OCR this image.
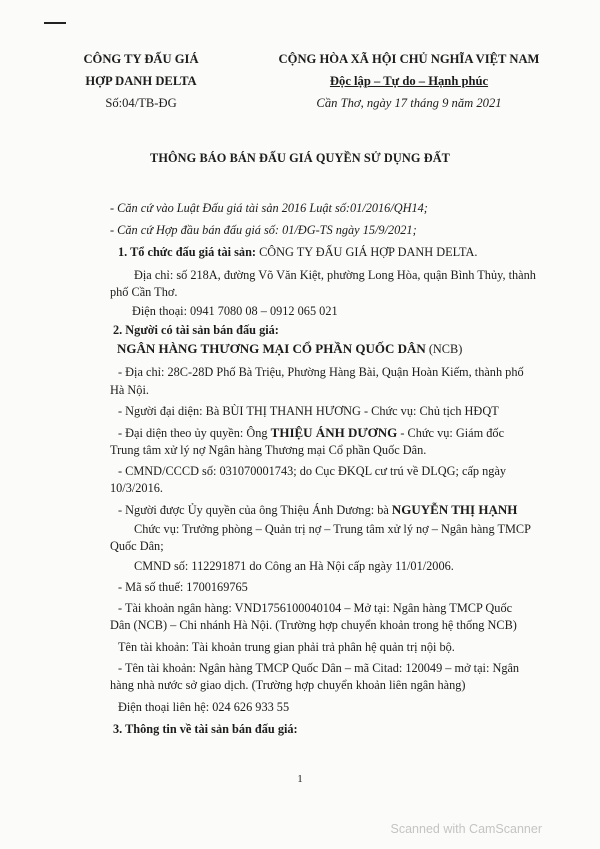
CÔNG TY ĐẤU GIÁ
HỢP DANH DELTA
Số:04/TB-ĐG
CỘNG HÒA XÃ HỘI CHỦ NGHĨA VIỆT NAM
Độc lập – Tự do – Hạnh phúc
Cần Thơ, ngày 17 tháng 9 năm 2021
THÔNG BÁO BÁN ĐẤU GIÁ QUYỀN SỬ DỤNG ĐẤT
- Căn cứ vào Luật Đấu giá tài sản 2016 Luật số:01/2016/QH14;
- Căn cứ Hợp đầu bán đấu giá số: 01/ĐG-TS ngày 15/9/2021;
1. Tổ chức đấu giá tài sản: CÔNG TY ĐẤU GIÁ HỢP DANH DELTA.
Địa chỉ: số 218A, đường Võ Văn Kiệt, phường Long Hòa, quận Bình Thủy, thành
phố Cần Thơ.
Điện thoại: 0941 7080 08 – 0912 065 021
2. Người có tài sản bán đấu giá:
NGÂN HÀNG THƯƠNG MẠI CỔ PHẦN QUỐC DÂN (NCB)
- Địa chỉ: 28C-28D Phố Bà Triệu, Phường Hàng Bài, Quận Hoàn Kiếm, thành phố
Hà Nội.
- Người đại diện: Bà BÙI THỊ THANH HƯƠNG - Chức vụ: Chủ tịch HĐQT
- Đại diện theo ủy quyền: Ông THIỆU ÁNH DƯƠNG - Chức vụ: Giám đốc
Trung tâm xử lý nợ Ngân hàng Thương mại Cổ phần Quốc Dân.
- CMND/CCCD số: 031070001743; do Cục ĐKQL cư trú về DLQG; cấp ngày
10/3/2016.
- Người được Ủy quyền của ông Thiệu Ánh Dương: bà NGUYỄN THỊ HẠNH
Chức vụ: Trưởng phòng – Quản trị nợ – Trung tâm xử lý nợ – Ngân hàng TMCP
Quốc Dân;
CMND số: 112291871 do Công an Hà Nội cấp ngày 11/01/2006.
- Mã số thuế: 1700169765
- Tài khoản ngân hàng: VND1756100040104 – Mở tại: Ngân hàng TMCP Quốc
Dân (NCB) – Chi nhánh Hà Nội. (Trường hợp chuyển khoản trong hệ thống NCB)
Tên tài khoản: Tài khoản trung gian phải trả phân hệ quản trị nội bộ.
- Tên tài khoản: Ngân hàng TMCP Quốc Dân – mã Citad: 120049 – mở tại: Ngân
hàng nhà nước sở giao dịch. (Trường hợp chuyển khoản liên ngân hàng)
Điện thoại liên hệ: 024 626 933 55
3. Thông tin về tài sản bán đấu giá:
1
Scanned with CamScanner
